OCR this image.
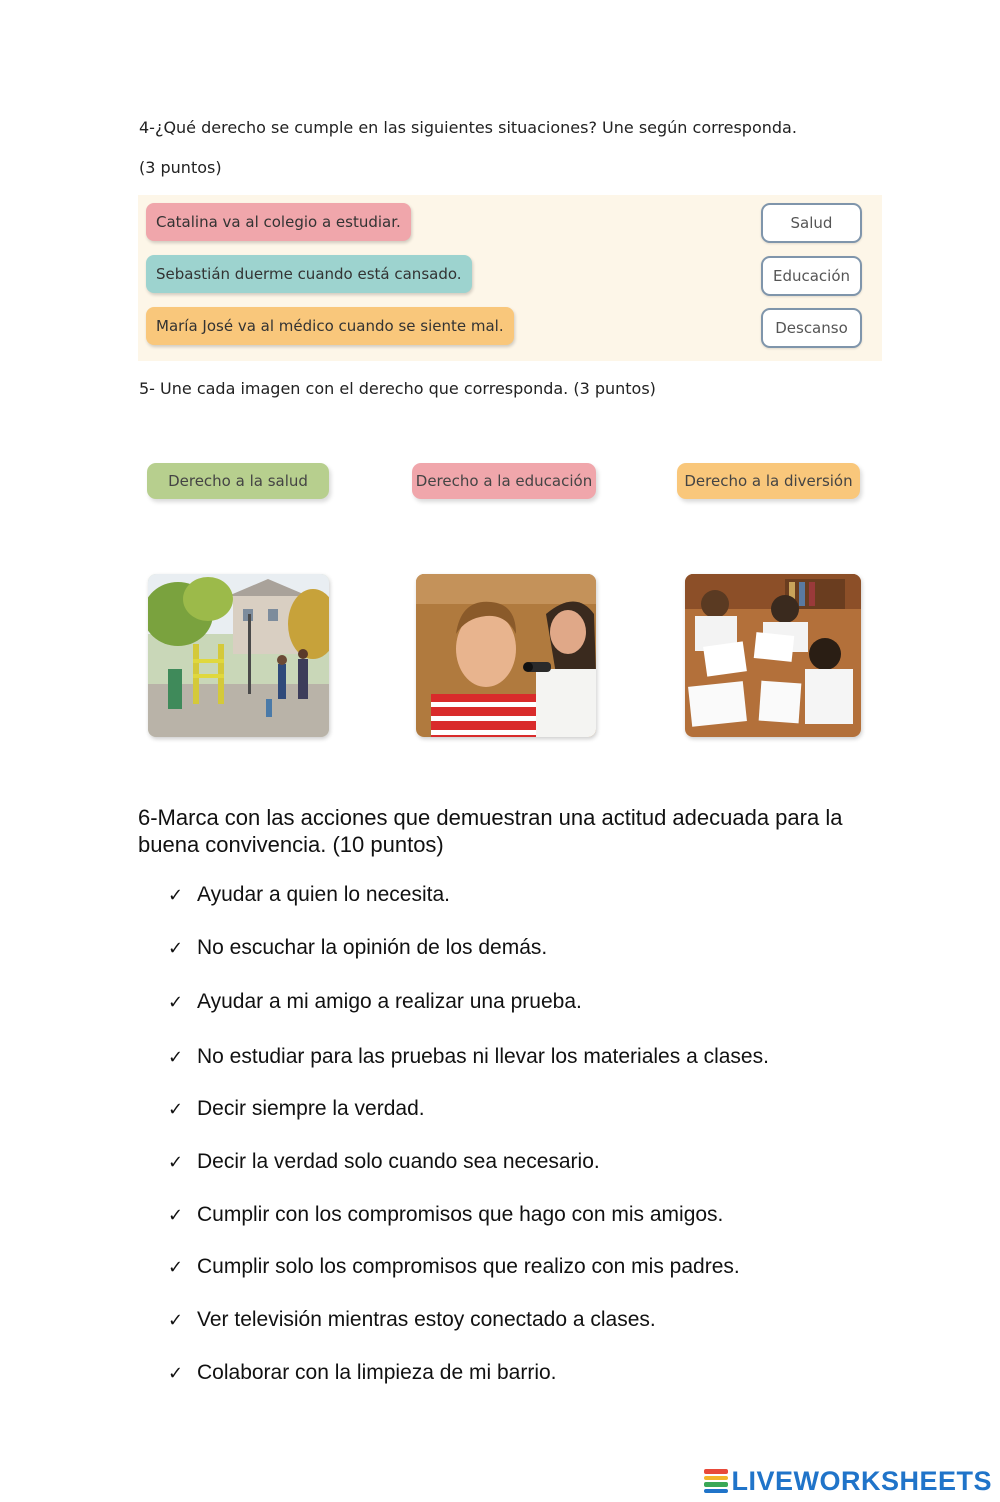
4-¿Qué derecho se cumple en las siguientes situaciones? Une según corresponda.
(3 puntos)
Catalina va al colegio a estudiar.
Sebastián duerme cuando está cansado.
María José va al médico cuando se siente mal.
Salud
Educación
Descanso
5- Une cada imagen con el derecho que corresponda. (3 puntos)
Derecho a la salud	Derecho a la educación	Derecho a la diversión
6-Marca con las acciones que demuestran una actitud adecuada para la buena convivencia. (10 puntos)
✓ Ayudar a quien lo necesita.
✓ No escuchar la opinión de los demás.
✓ Ayudar a mi amigo a realizar una prueba.
✓ No estudiar para las pruebas ni llevar los materiales a clases.
✓ Decir siempre la verdad.
✓ Decir la verdad solo cuando sea necesario.
✓ Cumplir con los compromisos que hago con mis amigos.
✓ Cumplir solo los compromisos que realizo con mis padres.
✓ Ver televisión mientras estoy conectado a clases.
✓ Colaborar con la limpieza de mi barrio.
LIVEWORKSHEETS
